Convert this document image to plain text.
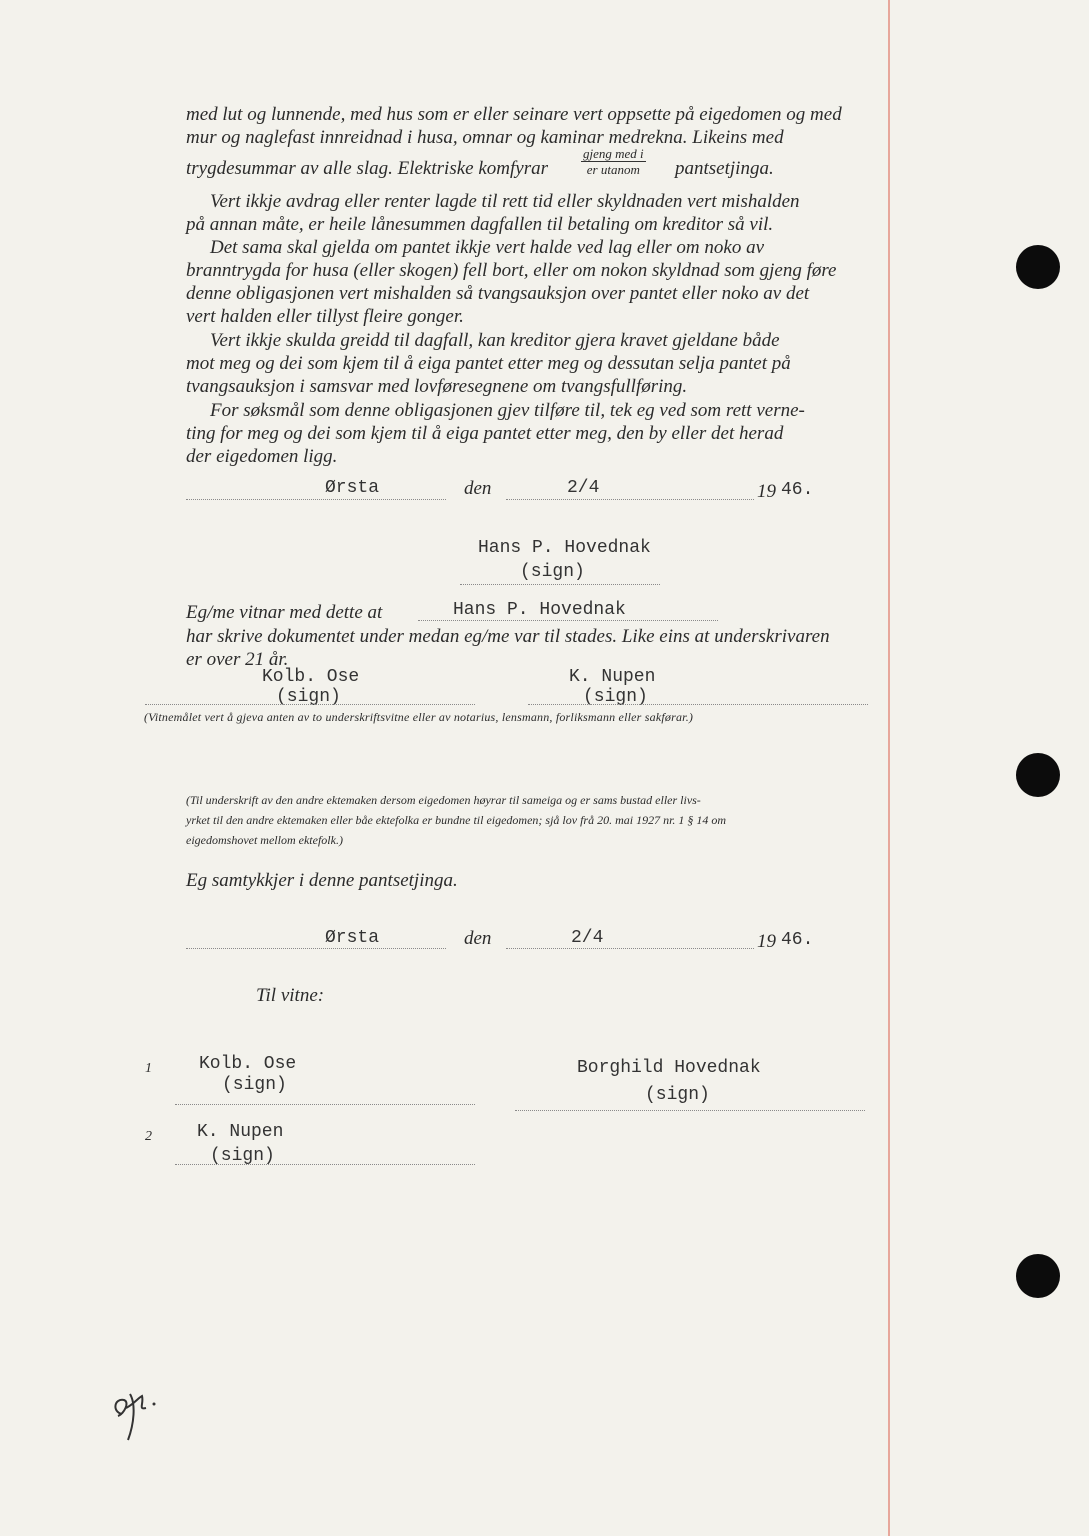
med lut og lunnende, med hus som er eller seinare vert oppsette på eigedomen og med
mur og naglefast innreidnad i husa, omnar og kaminar medrekna. Likeins med
trygdesummar av alle slag. Elektriske komfyrar
gjeng med i
er utanom	pantsetjinga.
Vert ikkje avdrag eller renter lagde til rett tid eller skyldnaden vert mishalden
på annan måte, er heile lånesummen dagfallen til betaling om kreditor så vil.
Det sama skal gjelda om pantet ikkje vert halde ved lag eller om noko av
branntrygda for husa (eller skogen) fell bort, eller om nokon skyldnad som gjeng føre
denne obligasjonen vert mishalden så tvangsauksjon over pantet eller noko av det
vert halden eller tillyst fleire gonger.
Vert ikkje skulda greidd til dagfall, kan kreditor gjera kravet gjeldane både
mot meg og dei som kjem til å eiga pantet etter meg og dessutan selja pantet på
tvangsauksjon i samsvar med lovføresegnene om tvangsfullføring.
For søksmål som denne obligasjonen gjev tilføre til, tek eg ved som rett verne-
ting for meg og dei som kjem til å eiga pantet etter meg, den by eller det herad
der eigedomen ligg.
Ørsta	den	2/4	19 46.
Hans P. Hovednak
(sign)
Eg/me vitnar med dette at	Hans P. Hovednak
har skrive dokumentet under medan eg/me var til stades. Like eins at underskrivaren
er over 21 år.
Kolb. Ose
(sign)
K. Nupen
(sign)
(Vitnemålet vert å gjeva anten av to underskriftsvitne eller av notarius, lensmann, forliksmann eller sakførar.)
(Til underskrift av den andre ektemaken dersom eigedomen høyrar til sameiga og er sams bustad eller livs-
yrket til den andre ektemaken eller båe ektefolka er bundne til eigedomen; sjå lov frå 20. mai 1927 nr. 1 § 14 om
eigedomshovet mellom ektefolk.)
Eg samtykkjer i denne pantsetjinga.
Ørsta	den	2/4	19 46.
Til vitne:
1	Kolb. Ose
(sign)
Borghild Hovednak
(sign)
2	K. Nupen
(sign)
